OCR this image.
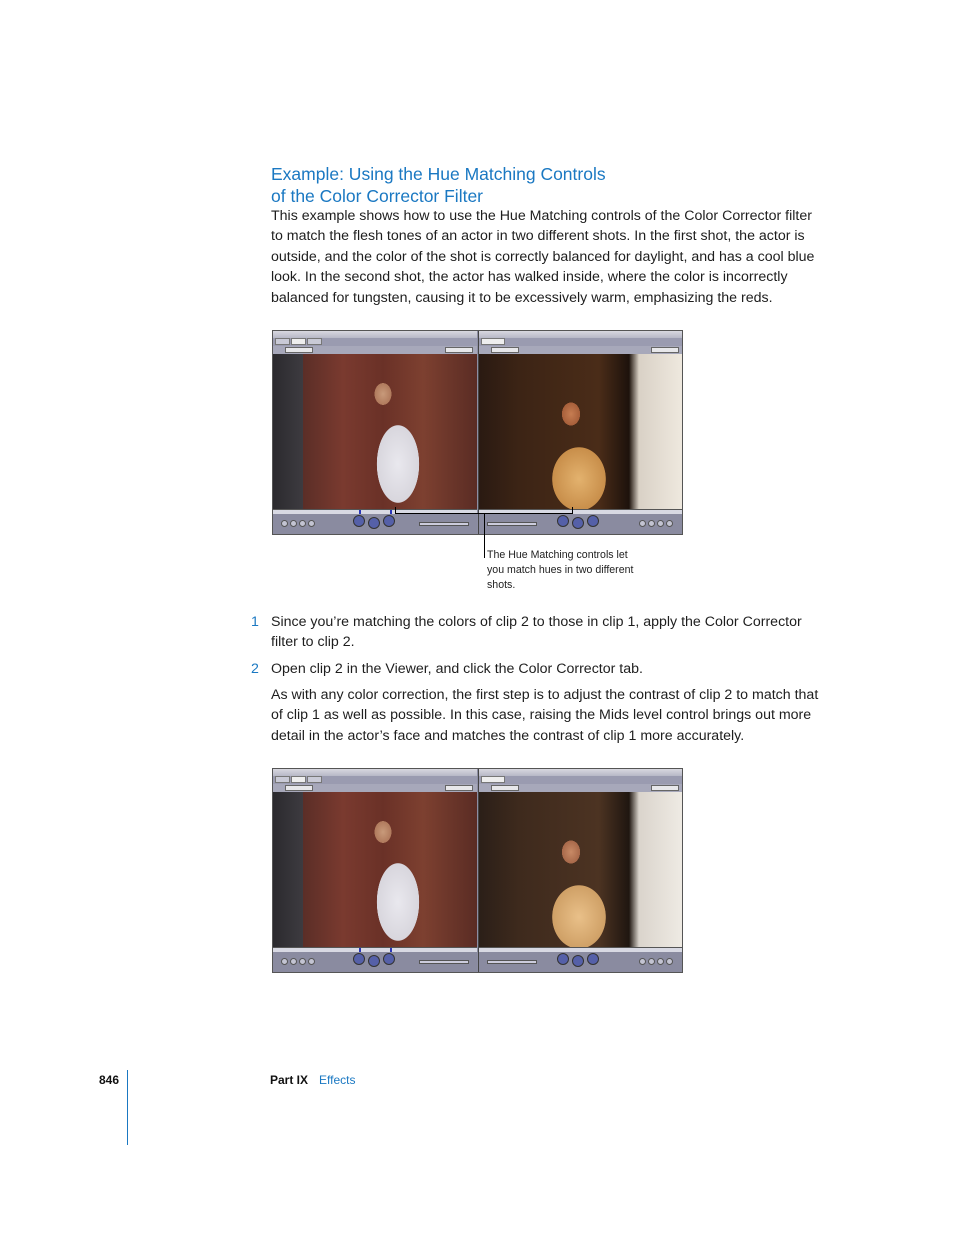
Example: Using the Hue Matching Controls
of the Color Corrector Filter

This example shows how to use the Hue Matching controls of the Color Corrector filter to match the flesh tones of an actor in two different shots. In the first shot, the actor is outside, and the color of the shot is correctly balanced for daylight, and has a cool blue look. In the second shot, the actor has walked inside, where the color is incorrectly balanced for tungsten, causing it to be excessively warm, emphasizing the reds.

The Hue Matching controls let you match hues in two different shots.
1 Since you’re matching the colors of clip 2 to those in clip 1, apply the Color Corrector filter to clip 2.

2 Open clip 2 in the Viewer, and click the Color Corrector tab.

As with any color correction, the first step is to adjust the contrast of clip 2 to match that of clip 1 as well as possible. In this case, raising the Mids level control brings out more detail in the actor’s face and matches the contrast of clip 1 more accurately.

846	Part IX Effects
